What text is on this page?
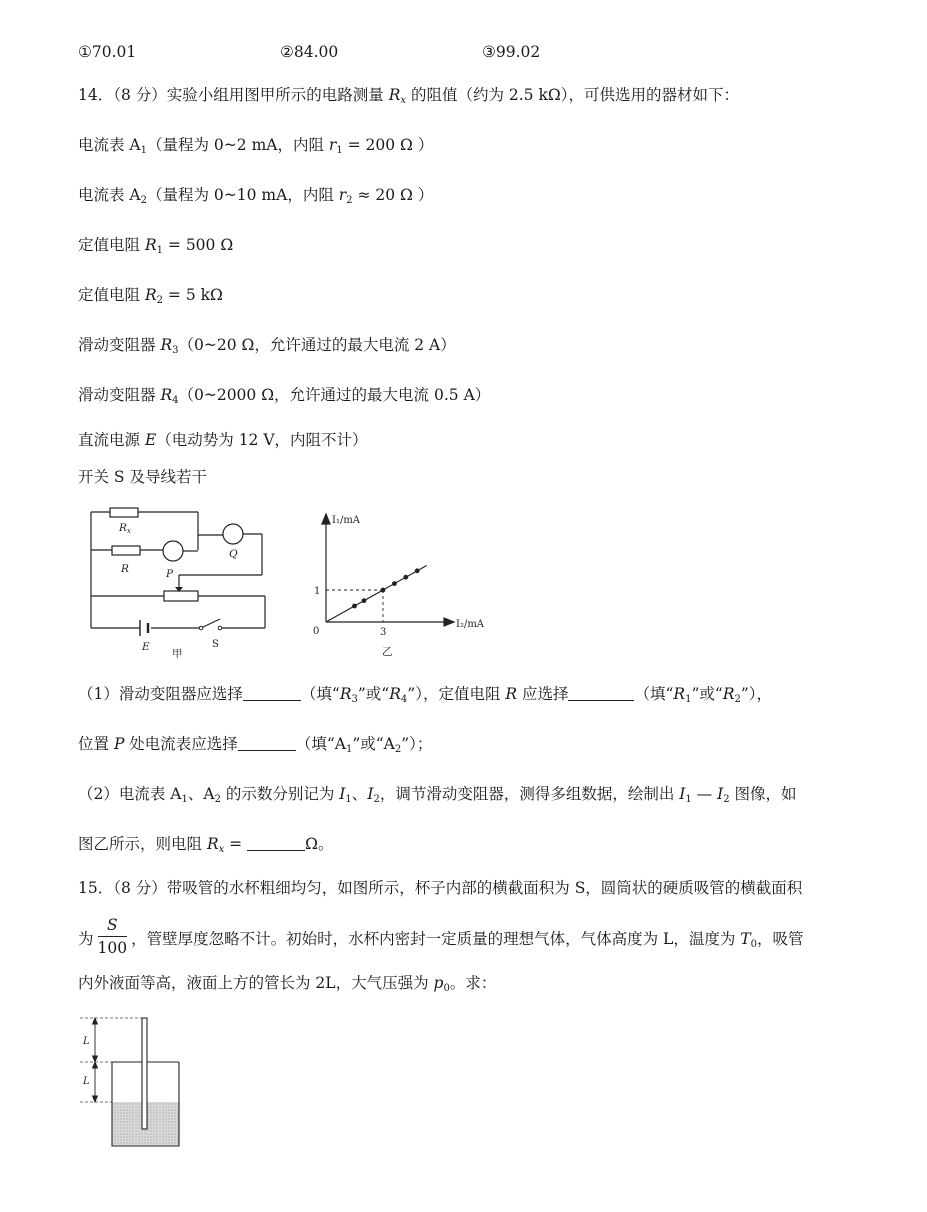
①70.01	②84.00	③99.02
14．（8 分）实验小组用图甲所示的电路测量 $R_x$ 的阻值（约为 2.5 kΩ），可供选用的器材如下：
电流表 $A_1$（量程为 0~2 mA，内阻 $r_1 = 200$ Ω ）
电流表 $A_2$（量程为 0~10 mA，内阻 $r_2 \approx 20$ Ω ）
定值电阻 $R_1 = 500$ Ω
定值电阻 $R_2 = 5$ kΩ
滑动变阻器 $R_3(0\sim 20$ Ω，允许通过的最大电流 2 A）
滑动变阻器 $R_4(0\sim 2000$ Ω，允许通过的最大电流 0.5 A）
直流电源 E（电动势为 12 V，内阻不计）
开关 S 及导线若干
Rx
R	P
Q
E	S
甲
I₁/mA
I₂/mA
0
1
3
乙
（1）滑动变阻器应选择	（填“$R_3$”或“$R_4$”），定值电阻 R 应选择	（填“$R_1$”或“$R_2$”），
位置 P 处电流表应选择	（填“$A_1$”或“$A_2$”）；
（2）电流表 $A_1$、$A_2$ 的示数分别记为 $I_1$、$I_2$，调节滑动变阻器，测得多组数据，绘制出 $I_1$ — $I_2$ 图像，如
图乙所示，则电阻 $R_x$ =	Ω。
15．（8 分）带吸管的水杯粗细均匀，如图所示，杯子内部的横截面积为 S，圆筒状的硬质吸管的横截面积
为 $\frac{S}{100}$ ，管壁厚度忽略不计。初始时，水杯内密封一定质量的理想气体，气体高度为 L，温度为 $T_0$，吸管
内外液面等高，液面上方的管长为 2L，大气压强为 $p_0$。求：
L
L
